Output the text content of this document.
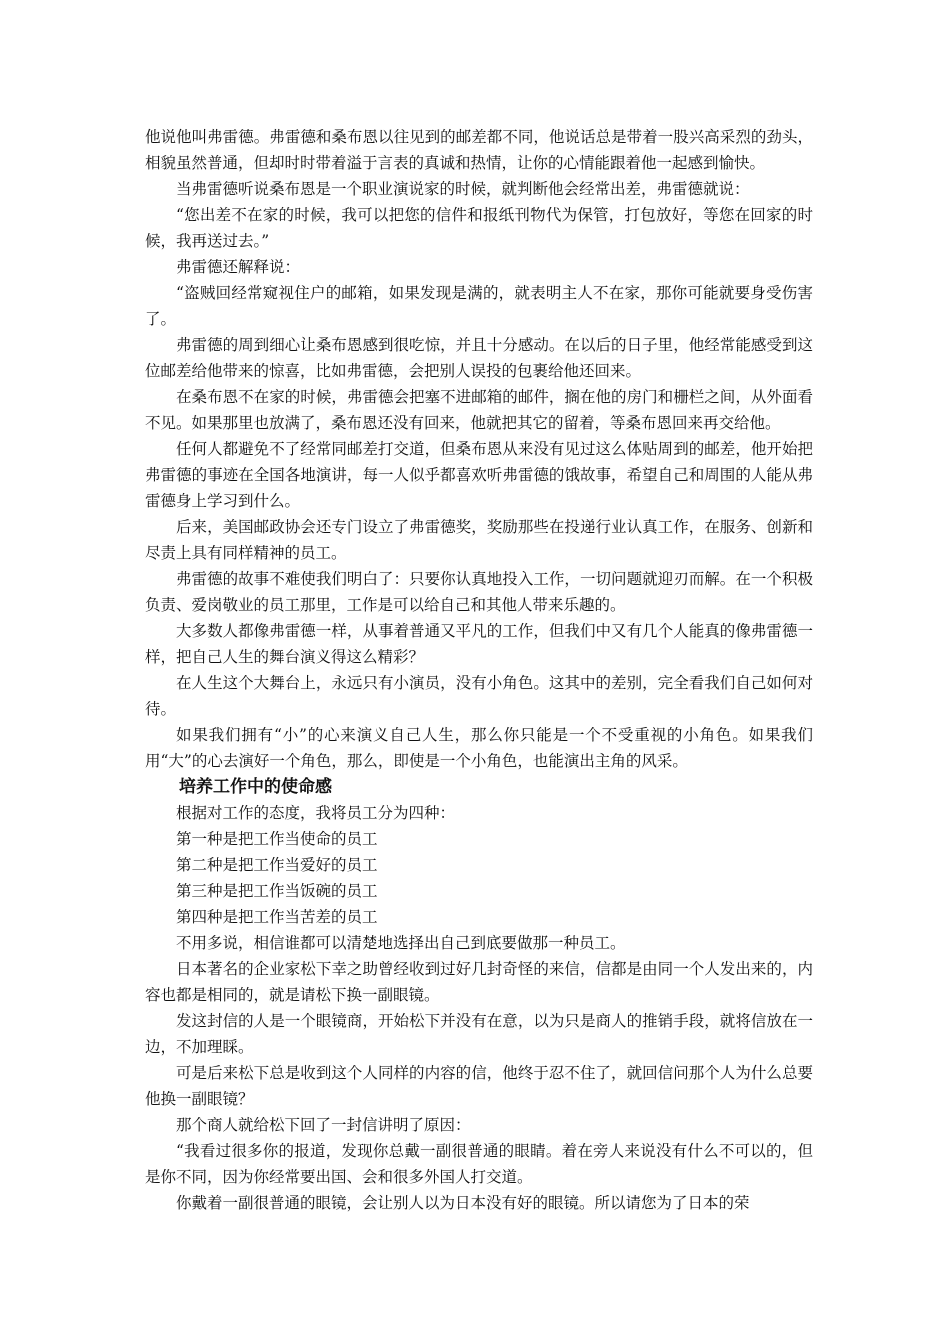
他说他叫弗雷德。弗雷德和桑布恩以往见到的邮差都不同，他说话总是带着一股兴高采烈的劲头，相貌虽然普通，但却时时带着溢于言表的真诚和热情，让你的心情能跟着他一起感到愉快。

当弗雷德听说桑布恩是一个职业演说家的时候，就判断他会经常出差，弗雷德就说：

“您出差不在家的时候，我可以把您的信件和报纸刊物代为保管，打包放好，等您在回家的时候，我再送过去。”

弗雷德还解释说：

“盗贼回经常窥视住户的邮箱，如果发现是满的，就表明主人不在家，那你可能就要身受伤害了。

弗雷德的周到细心让桑布恩感到很吃惊，并且十分感动。在以后的日子里，他经常能感受到这位邮差给他带来的惊喜，比如弗雷德，会把别人误投的包裹给他还回来。

在桑布恩不在家的时候，弗雷德会把塞不进邮箱的邮件，搁在他的房门和栅栏之间，从外面看不见。如果那里也放满了，桑布恩还没有回来，他就把其它的留着，等桑布恩回来再交给他。

任何人都避免不了经常同邮差打交道，但桑布恩从来没有见过这么体贴周到的邮差，他开始把弗雷德的事迹在全国各地演讲，每一人似乎都喜欢听弗雷德的饿故事，希望自己和周围的人能从弗雷德身上学习到什么。

后来，美国邮政协会还专门设立了弗雷德奖，奖励那些在投递行业认真工作，在服务、创新和尽责上具有同样精神的员工。

弗雷德的故事不难使我们明白了：只要你认真地投入工作，一切问题就迎刃而解。在一个积极负责、爱岗敬业的员工那里，工作是可以给自己和其他人带来乐趣的。

大多数人都像弗雷德一样，从事着普通又平凡的工作，但我们中又有几个人能真的像弗雷德一样，把自己人生的舞台演义得这么精彩？

在人生这个大舞台上，永远只有小演员，没有小角色。这其中的差别，完全看我们自己如何对待。

如果我们拥有“小”的心来演义自己人生，那么你只能是一个不受重视的小角色。如果我们用“大”的心去演好一个角色，那么，即使是一个小角色，也能演出主角的风采。

培养工作中的使命感

根据对工作的态度，我将员工分为四种：

第一种是把工作当使命的员工

第二种是把工作当爱好的员工

第三种是把工作当饭碗的员工

第四种是把工作当苦差的员工

不用多说，相信谁都可以清楚地选择出自己到底要做那一种员工。

日本著名的企业家松下幸之助曾经收到过好几封奇怪的来信，信都是由同一个人发出来的，内容也都是相同的，就是请松下换一副眼镜。

发这封信的人是一个眼镜商，开始松下并没有在意，以为只是商人的推销手段，就将信放在一边，不加理睬。

可是后来松下总是收到这个人同样的内容的信，他终于忍不住了，就回信问那个人为什么总要他换一副眼镜？

那个商人就给松下回了一封信讲明了原因：

“我看过很多你的报道，发现你总戴一副很普通的眼睛。着在旁人来说没有什么不可以的，但是你不同，因为你经常要出国、会和很多外国人打交道。

你戴着一副很普通的眼镜，会让别人以为日本没有好的眼镜。所以请您为了日本的荣
